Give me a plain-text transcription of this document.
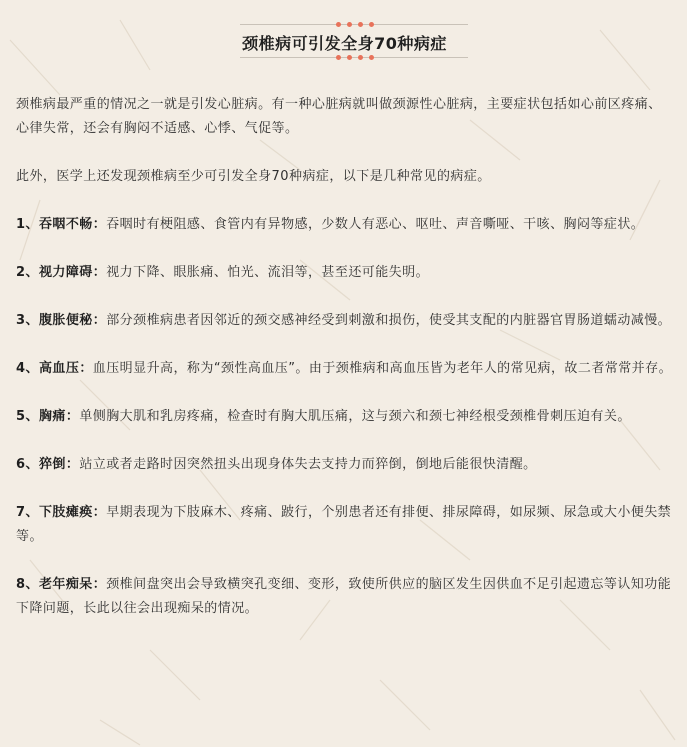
颈椎病可引发全身70种病症

颈椎病最严重的情况之一就是引发心脏病。有一种心脏病就叫做颈源性心脏病，主要症状包括如心前区疼痛、心律失常，还会有胸闷不适感、心悸、气促等。

此外，医学上还发现颈椎病至少可引发全身70种病症，以下是几种常见的病症。

1、吞咽不畅：吞咽时有梗阻感、食管内有异物感，少数人有恶心、呕吐、声音嘶哑、干咳、胸闷等症状。

2、视力障碍：视力下降、眼胀痛、怕光、流泪等，甚至还可能失明。

3、腹胀便秘：部分颈椎病患者因邻近的颈交感神经受到刺激和损伤，使受其支配的内脏器官胃肠道蠕动减慢。

4、高血压：血压明显升高，称为“颈性高血压”。由于颈椎病和高血压皆为老年人的常见病，故二者常常并存。

5、胸痛：单侧胸大肌和乳房疼痛，检查时有胸大肌压痛，这与颈六和颈七神经根受颈椎骨刺压迫有关。

6、猝倒：站立或者走路时因突然扭头出现身体失去支持力而猝倒，倒地后能很快清醒。

7、下肢瘫痪：早期表现为下肢麻木、疼痛、跛行，个别患者还有排便、排尿障碍，如尿频、尿急或大小便失禁等。

8、老年痴呆：颈椎间盘突出会导致横突孔变细、变形，致使所供应的脑区发生因供血不足引起遗忘等认知功能下降问题，长此以往会出现痴呆的情况。
